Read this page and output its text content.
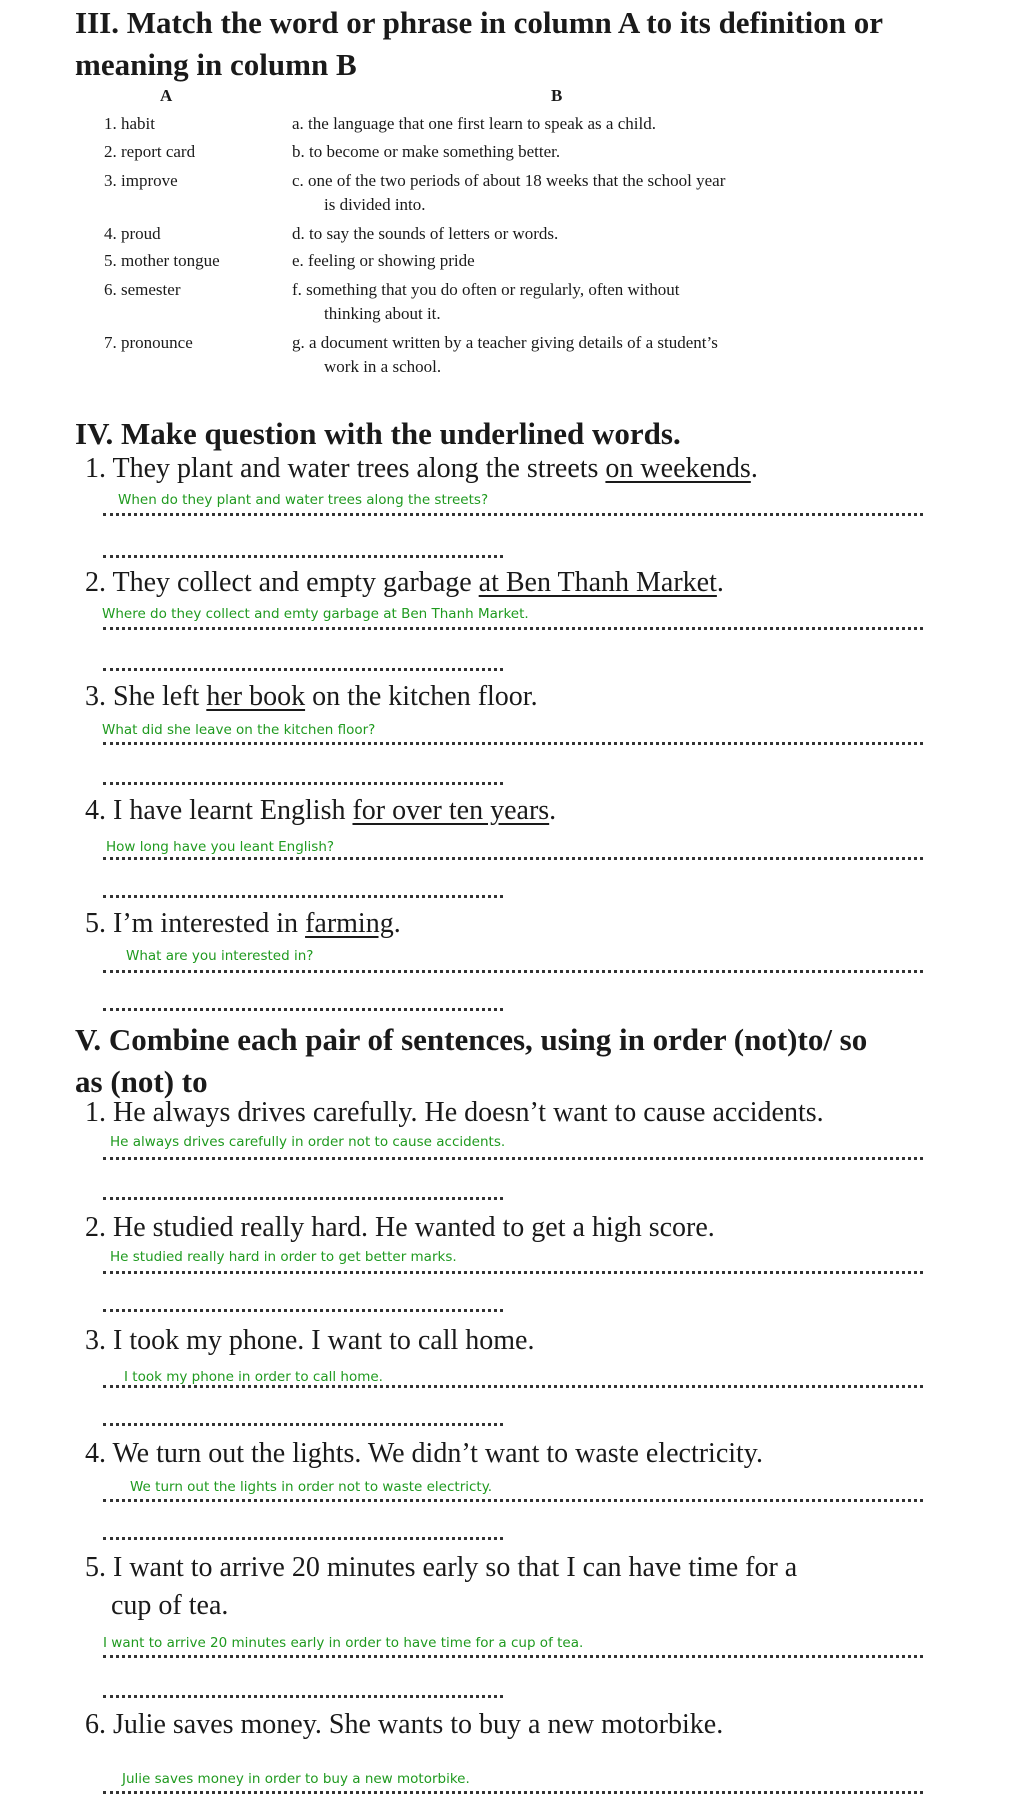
III. Match the word or phrase in column A to its definition or
meaning in column B
A	B
1. habit	a. the language that one first learn to speak as a child.
2. report card	b. to become or make something better.
3. improve	c. one of the two periods of about 18 weeks that the school year
is divided into.
4. proud	d. to say the sounds of letters or words.
5. mother tongue	e. feeling or showing pride
6. semester	f. something that you do often or regularly, often without
thinking about it.
7. pronounce	g. a document written by a teacher giving details of a student’s
work in a school.
IV. Make question with the underlined words.
1. They plant and water trees along the streets on weekends.
When do they plant and water trees along the streets?
2. They collect and empty garbage at Ben Thanh Market.
Where do they collect and emty garbage at Ben Thanh Market.
3. She left her book on the kitchen floor.
What did she leave on the kitchen floor?
4. I have learnt English for over ten years.
How long have you leant English?
5. I’m interested in farming.
What are you interested in?
V. Combine each pair of sentences, using in order (not)to/ so
as (not) to
1. He always drives carefully. He doesn’t want to cause accidents.
He always drives carefully in order not to cause accidents.
2. He studied really hard. He wanted to get a high score.
He studied really hard in order to get better marks.
3. I took my phone. I want to call home.
I took my phone in order to call home.
4. We turn out the lights. We didn’t want to waste electricity.
We turn out the lights in order not to waste electricty.
5. I want to arrive 20 minutes early so that I can have time for a
cup of tea.
I want to arrive 20 minutes early in order to have time for a cup of tea.
6. Julie saves money. She wants to buy a new motorbike.
Julie saves money in order to buy a new motorbike.
